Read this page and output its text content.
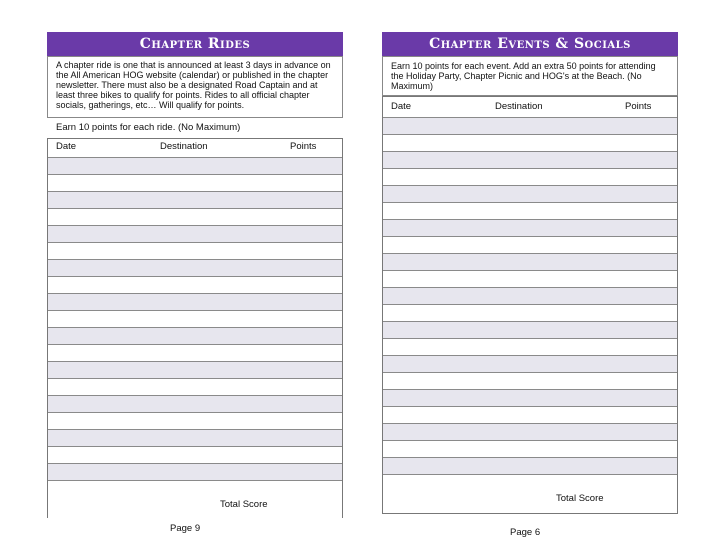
Chapter Rides

A chapter ride is one that is announced at least 3 days in advance on the All American HOG website (calendar) or published in the chapter newsletter. There must also be a designated Road Captain and at least three bikes to qualify for points. Rides to all official chapter socials, gatherings, etc… Will qualify for points.

Earn 10 points for each ride. (No Maximum)
Date	Destination	Points
Total Score
Page 9
Chapter Events & Socials

Earn 10 points for each event. Add an extra 50 points for attending the Holiday Party, Chapter Picnic and HOG's at the Beach. (No Maximum)

Date	Destination	Points
Total Score
Page 6
